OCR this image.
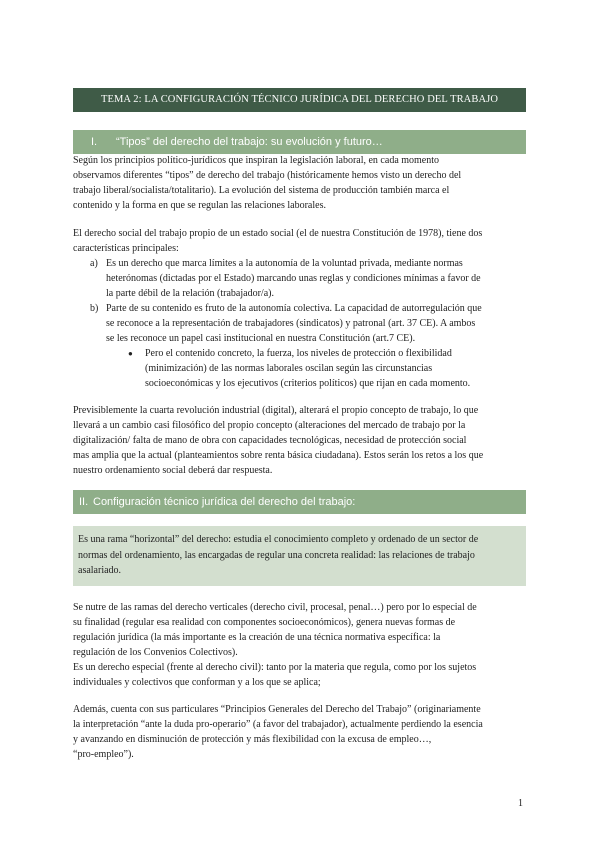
TEMA 2: LA CONFIGURACIÓN TÉCNICO JURÍDICA DEL DERECHO DEL TRABAJO
I. “Tipos” del derecho del trabajo: su evolución y futuro…
Según los principios político-jurídicos que inspiran la legislación laboral, en cada momento
observamos diferentes “tipos” de derecho del trabajo (históricamente hemos visto un derecho del
trabajo liberal/socialista/totalitario). La evolución del sistema de producción también marca el
contenido y la forma en que se regulan las relaciones laborales.
El derecho social del trabajo propio de un estado social (el de nuestra Constitución de 1978), tiene dos
características principales:
a) Es un derecho que marca límites a la autonomía de la voluntad privada, mediante normas
heterónomas (dictadas por el Estado) marcando unas reglas y condiciones mínimas a favor de
la parte débil de la relación (trabajador/a).
b) Parte de su contenido es fruto de la autonomía colectiva. La capacidad de autorregulación que
se reconoce a la representación de trabajadores (sindicatos) y patronal (art. 37 CE). A ambos
se les reconoce un papel casi institucional en nuestra Constitución (art.7 CE).
● Pero el contenido concreto, la fuerza, los niveles de protección o flexibilidad
(minimización) de las normas laborales oscilan según las circunstancias
socioeconómicas y los ejecutivos (criterios políticos) que rijan en cada momento.
Previsiblemente la cuarta revolución industrial (digital), alterará el propio concepto de trabajo, lo que
llevará a un cambio casi filosófico del propio concepto (alteraciones del mercado de trabajo por la
digitalización/ falta de mano de obra con capacidades tecnológicas, necesidad de protección social
mas amplia que la actual (planteamientos sobre renta básica ciudadana). Estos serán los retos a los que
nuestro ordenamiento social deberá dar respuesta.
II. Configuración técnico jurídica del derecho del trabajo:
Es una rama “horizontal” del derecho: estudia el conocimiento completo y ordenado de un sector de
normas del ordenamiento, las encargadas de regular una concreta realidad: las relaciones de trabajo
asalariado.
Se nutre de las ramas del derecho verticales (derecho civil, procesal, penal…) pero por lo especial de
su finalidad (regular esa realidad con componentes socioeconómicos), genera nuevas formas de
regulación jurídica (la más importante es la creación de una técnica normativa específica: la
regulación de los Convenios Colectivos).
Es un derecho especial (frente al derecho civil): tanto por la materia que regula, como por los sujetos
individuales y colectivos que conforman y a los que se aplica;
Además, cuenta con sus particulares “Principios Generales del Derecho del Trabajo” (originariamente
la interpretación “ante la duda pro-operario” (a favor del trabajador), actualmente perdiendo la esencia
y avanzando en disminución de protección y más flexibilidad con la excusa de empleo…,
“pro-empleo”).
1
